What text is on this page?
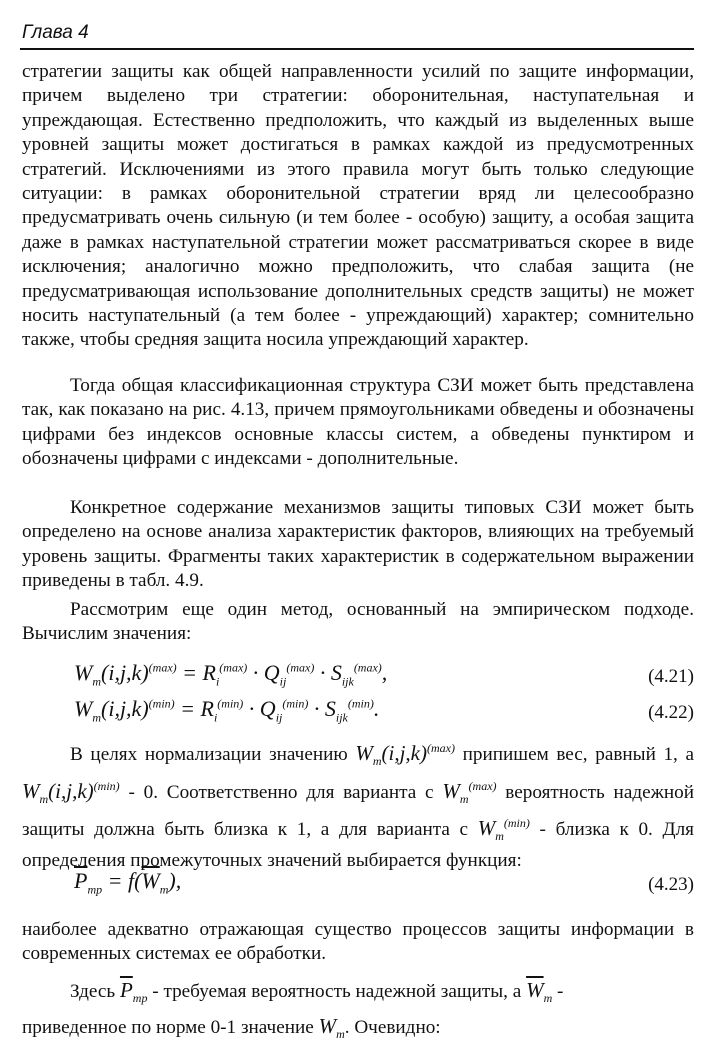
Глава 4

стратегии защиты как общей направленности усилий по защите информации, причем выделено три стратегии: оборонительная, наступательная и упреждающая. Естественно предположить, что каждый из выделенных выше уровней защиты может достигаться в рамках каждой из предусмотренных стратегий. Исключениями из этого правила могут быть только следующие ситуации: в рамках оборонительной стратегии вряд ли целесообразно предусматривать очень сильную (и тем более - особую) защиту, а особая защита даже в рамках наступательной стратегии может рассматриваться скорее в виде исключения; аналогично можно предположить, что слабая защита (не предусматривающая использование дополнительных средств защиты) не может носить наступательный (а тем более - упреждающий) характер; сомнительно также, чтобы средняя защита носила упреждающий характер.

Тогда общая классификационная структура СЗИ может быть представлена так, как показано на рис. 4.13, причем прямоугольниками обведены и обозначены цифрами без индексов основные классы систем, а обведены пунктиром и обозначены цифрами с индексами - дополнительные.

Конкретное содержание механизмов защиты типовых СЗИ может быть определено на основе анализа характеристик факторов, влияющих на требуемый уровень защиты. Фрагменты таких характеристик в содержательном выражении приведены в табл. 4.9.

Рассмотрим еще один метод, основанный на эмпирическом подходе. Вычислим значения:

$W_m(i,j,k)^{(max)} = R_i^{(max)} \cdot Q_{ij}^{(max)} \cdot S_{ijk}^{(max)}$,	(4.21)
$W_m(i,j,k)^{(min)} = R_i^{(min)} \cdot Q_{ij}^{(min)} \cdot S_{ijk}^{(min)}$.	(4.22)

В целях нормализации значению $W_m(i,j,k)^{(max)}$ припишем вес, равный 1, а $W_m(i,j,k)^{(min)} - 0$. Соответственно для варианта с $W_m^{(max)}$ вероятность надежной защиты должна быть близка к 1, а для варианта с $W_m^{(min)}$ - близка к 0. Для определения промежуточных значений выбирается функция:

$\overline{P}_{тр} = f(\overline{W}_m)$,	(4.23)

наиболее адекватно отражающая существо процессов защиты информации в современных системах ее обработки.

Здесь $\overline{P}_{тр}$ - требуемая вероятность надежной защиты, а $\overline{W}_m$ -

приведенное по норме 0-1 значение $W_m$. Очевидно:
